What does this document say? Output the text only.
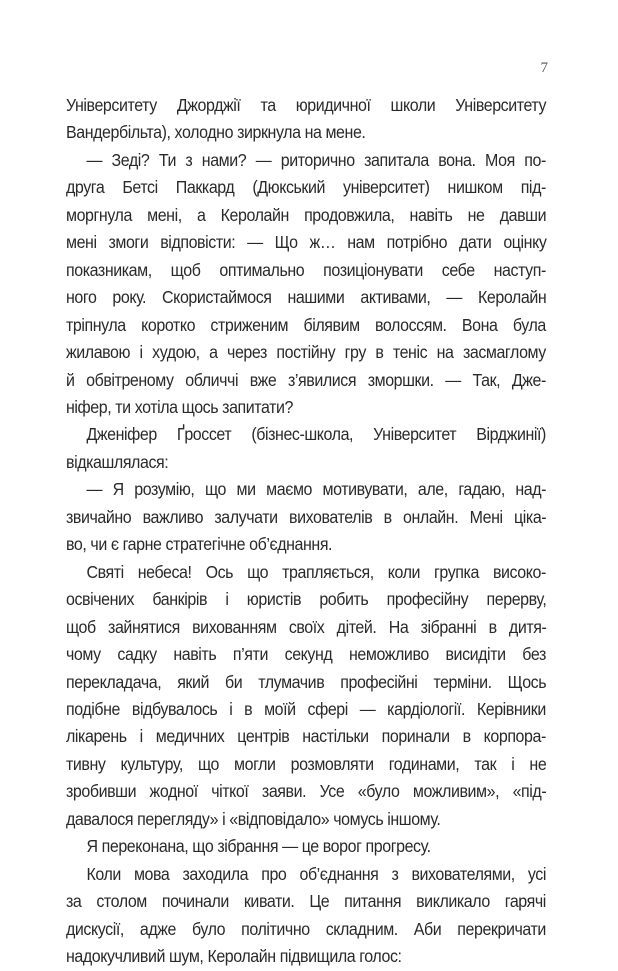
7
Університету Джорджії та юридичної школи Університету
Вандербільта), холодно зиркнула на мене.
— Зеді? Ти з нами? — риторично запитала вона. Моя по-
друга Бетсі Паккард (Дюкський університет) нишком під-
моргнула мені, а Керолайн продовжила, навіть не давши
мені змоги відповісти: — Що ж… нам потрібно дати оцінку
показникам, щоб оптимально позиціонувати себе наступ-
ного року. Скористаймося нашими активами, — Керолайн
тріпнула коротко стриженим білявим волоссям. Вона була
жилавою і худою, а через постійну гру в теніс на засмаглому
й обвітреному обличчі вже з’явилися зморшки. — Так, Дже-
ніфер, ти хотіла щось запитати?
Дженіфер Ґроссет (бізнес-школа, Університет Вірджинії)
відкашлялася:
— Я розумію, що ми маємо мотивувати, але, гадаю, над-
звичайно важливо залучати вихователів в онлайн. Мені ціка-
во, чи є гарне стратегічне об’єднання.
Святі небеса! Ось що трапляється, коли групка високо-
освічених банкірів і юристів робить професійну перерву,
щоб зайнятися вихованням своїх дітей. На зібранні в дитя-
чому садку навіть п’яти секунд неможливо висидіти без
перекладача, який би тлумачив професійні терміни. Щось
подібне відбувалось і в моїй сфері — кардіології. Керівники
лікарень і медичних центрів настільки поринали в корпора-
тивну культуру, що могли розмовляти годинами, так і не
зробивши жодної чіткої заяви. Усе «було можливим», «під-
давалося перегляду» і «відповідало» чомусь іншому.
Я переконана, що зібрання — це ворог прогресу.
Коли мова заходила про об’єднання з вихователями, усі
за столом починали кивати. Це питання викликало гарячі
дискусії, адже було політично складним. Аби перекричати
надокучливий шум, Керолайн підвищила голос:
